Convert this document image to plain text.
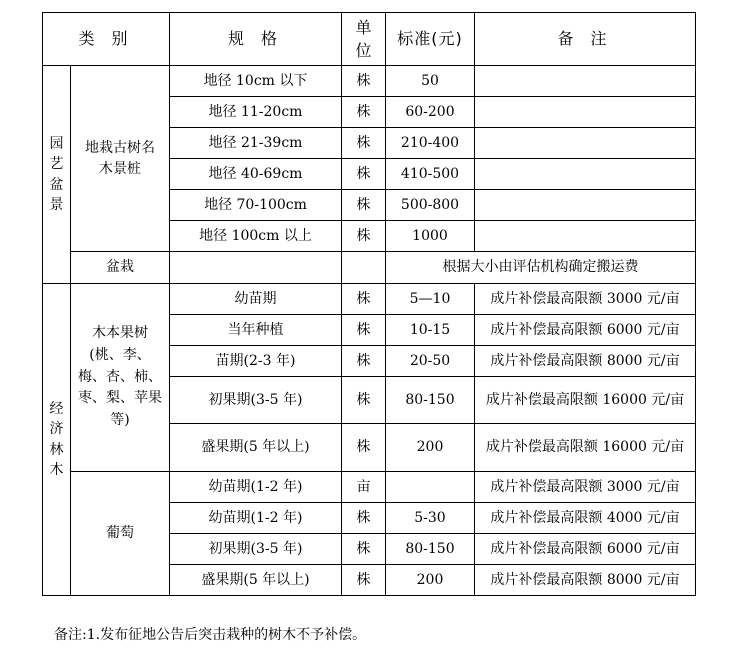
类 别		规 格	单位	标准(元)	备 注
园艺盆景	地栽古树名木景桩	地径 10cm 以下	株	50	
		地径 11-20cm	株	60-200	
		地径 21-39cm	株	210-400	
		地径 40-69cm	株	410-500	
		地径 70-100cm	株	500-800	
		地径 100cm 以上	株	1000	
	盆栽			根据大小由评估机构确定搬运费	
经济林木	木本果树(桃、李、梅、杏、柿、枣、梨、苹果等)	幼苗期	株	5—10	成片补偿最高限额 3000 元/亩
		当年种植	株	10-15	成片补偿最高限额 6000 元/亩
		苗期(2-3 年)	株	20-50	成片补偿最高限额 8000 元/亩
		初果期(3-5 年)	株	80-150	成片补偿最高限额 16000 元/亩
		盛果期(5 年以上)	株	200	成片补偿最高限额 16000 元/亩
	葡萄	幼苗期(1-2 年)	亩		成片补偿最高限额 3000 元/亩
		幼苗期(1-2 年)	株	5-30	成片补偿最高限额 4000 元/亩
		初果期(3-5 年)	株	80-150	成片补偿最高限额 6000 元/亩
		盛果期(5 年以上)	株	200	成片补偿最高限额 8000 元/亩
备注:1.发布征地公告后突击栽种的树木不予补偿。
